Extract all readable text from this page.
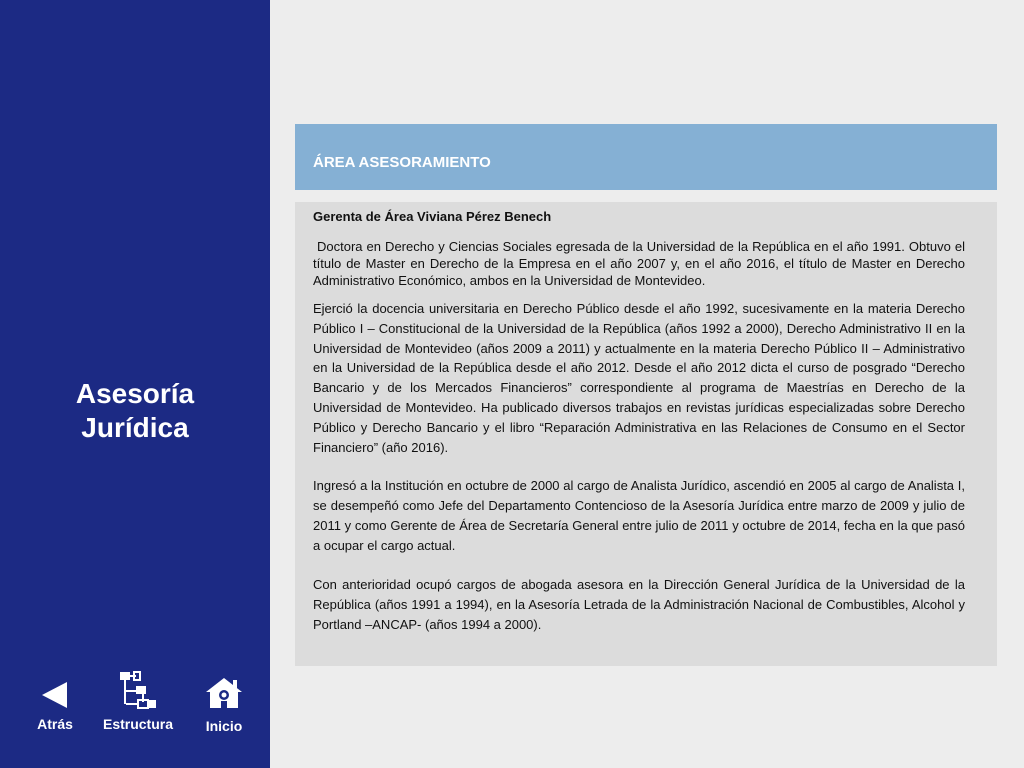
Asesoría
Jurídica
Atrás	Estructura	Inicio
ÁREA ASESORAMIENTO

Gerenta de Área Viviana Pérez Benech

Doctora en Derecho y Ciencias Sociales egresada de la Universidad de la República en el año 1991. Obtuvo el título de Master en Derecho de la Empresa en el año 2007 y, en el año 2016, el título de Master en Derecho Administrativo Económico, ambos en la Universidad de Montevideo.

Ejerció la docencia universitaria en Derecho Público desde el año 1992, sucesivamente en la materia Derecho Público I – Constitucional de la Universidad de la República (años 1992 a 2000), Derecho Administrativo II en la Universidad de Montevideo (años 2009 a 2011) y actualmente en la materia Derecho Público II – Administrativo en la Universidad de la República desde el año 2012. Desde el año 2012 dicta el curso de posgrado “Derecho Bancario y de los Mercados Financieros” correspondiente al programa de Maestrías en Derecho de la Universidad de Montevideo. Ha publicado diversos trabajos en revistas jurídicas especializadas sobre Derecho Público y Derecho Bancario y el libro “Reparación Administrativa en las Relaciones de Consumo en el Sector Financiero” (año 2016).

Ingresó a la Institución en octubre de 2000 al cargo de Analista Jurídico, ascendió en 2005 al cargo de Analista I, se desempeñó como Jefe del Departamento Contencioso de la Asesoría Jurídica entre marzo de 2009 y julio de 2011 y como Gerente de Área de Secretaría General entre julio de 2011 y octubre de 2014, fecha en la que pasó a ocupar el cargo actual.

Con anterioridad ocupó cargos de abogada asesora en la Dirección General Jurídica de la Universidad de la República (años 1991 a 1994), en la Asesoría Letrada de la Administración Nacional de Combustibles, Alcohol y Portland –ANCAP- (años 1994 a 2000).
